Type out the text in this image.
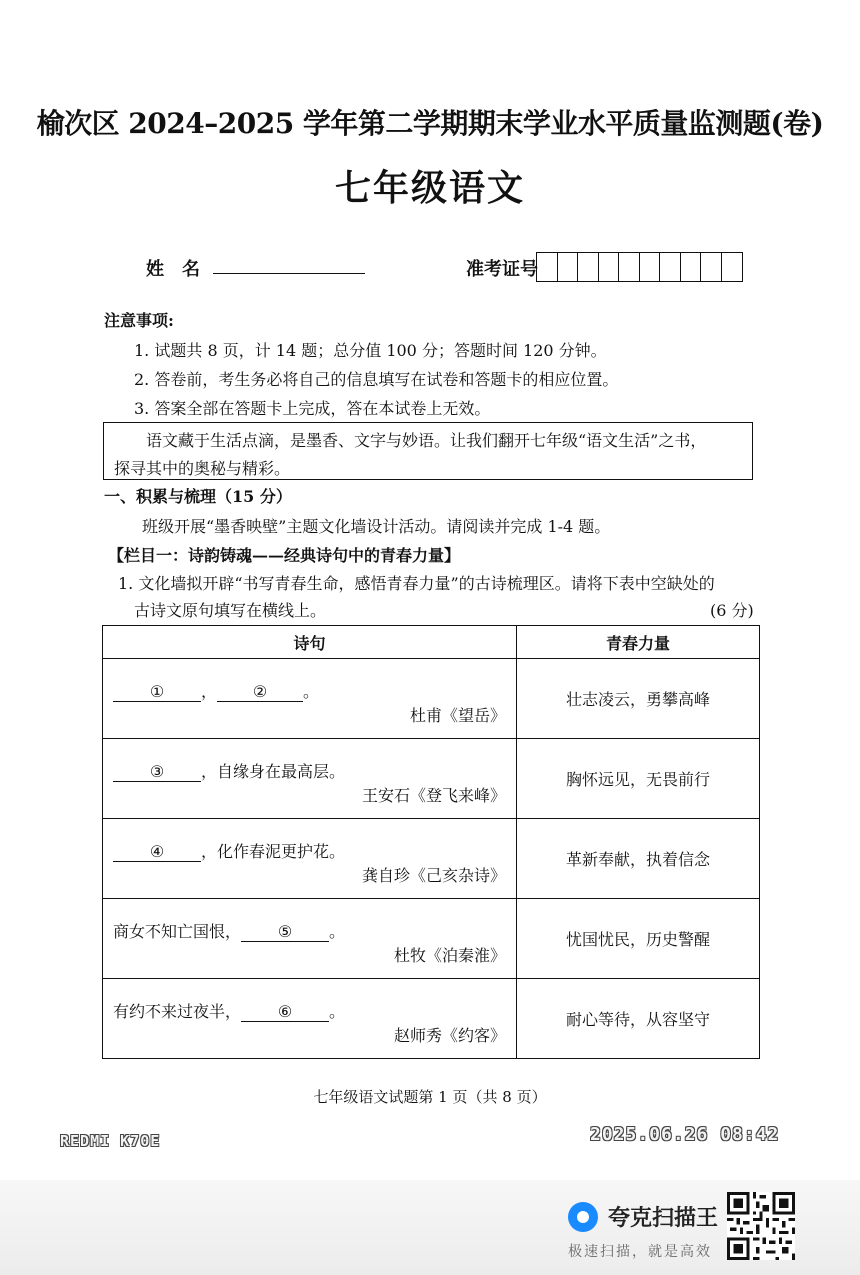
榆次区 2024–2025 学年第二学期期末学业水平质量监测题(卷)
七年级语文
姓　名	准考证号
注意事项:
1. 试题共 8 页，计 14 题；总分值 100 分；答题时间 120 分钟。
2. 答卷前，考生务必将自己的信息填写在试卷和答题卡的相应位置。
3. 答案全部在答题卡上完成，答在本试卷上无效。
语文藏于生活点滴，是墨香、文字与妙语。让我们翻开七年级“语文生活”之书，
探寻其中的奥秘与精彩。
一、积累与梳理（15 分）
班级开展“墨香映壁”主题文化墙设计活动。请阅读并完成 1-4 题。
【栏目一：诗韵铸魂——经典诗句中的青春力量】
1. 文化墙拟开辟“书写青春生命，感悟青春力量”的古诗梳理区。请将下表中空缺处的
古诗文原句填写在横线上。	(6 分)
诗句	青春力量

① ， ② 。
杜甫《望岳》	壮志凌云，勇攀高峰

③ ，自缘身在最高层。
王安石《登飞来峰》	胸怀远见，无畏前行

④ ，化作春泥更护花。
龚自珍《己亥杂诗》	革新奉献，执着信念

商女不知亡国恨， ⑤ 。
杜牧《泊秦淮》	忧国忧民，历史警醒

有约不来过夜半， ⑥ 。
赵师秀《约客》	耐心等待，从容坚守
七年级语文试题第 1 页（共 8 页）
REDMI K70E	2025.06.26 08:42
夸克扫描王
极速扫描，就是高效
